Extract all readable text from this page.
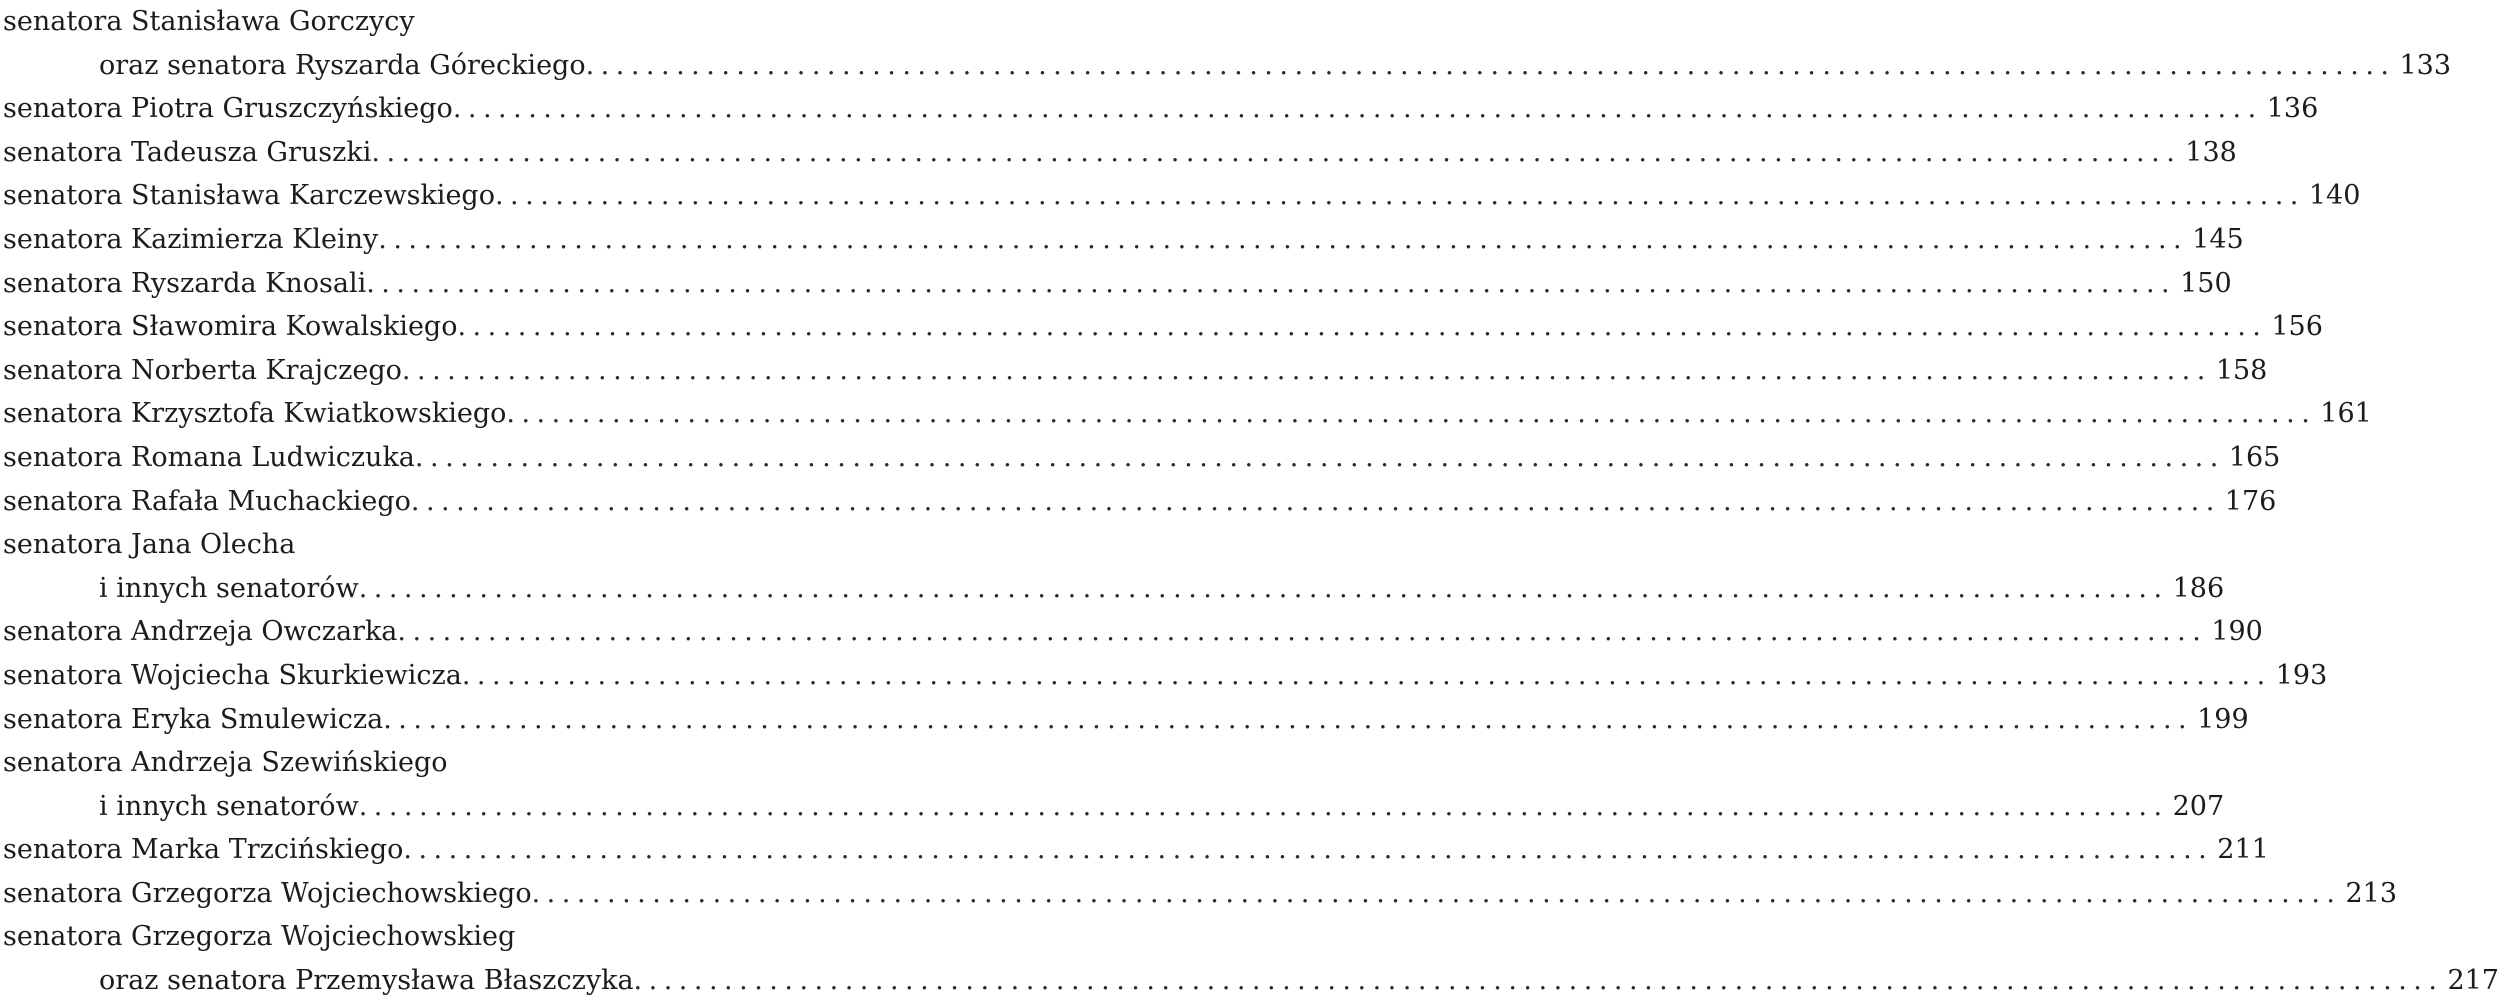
senatora Stanisława Gorczycy
oraz senatora Ryszarda Góreckiego ........................................................................................................................ 133
senatora Piotra Gruszczyńskiego ........................................................................................................................ 136
senatora Tadeusza Gruszki ........................................................................................................................ 138
senatora Stanisława Karczewskiego ........................................................................................................................ 140
senatora Kazimierza Kleiny ........................................................................................................................ 145
senatora Ryszarda Knosali ........................................................................................................................ 150
senatora Sławomira Kowalskiego ........................................................................................................................ 156
senatora Norberta Krajczego ........................................................................................................................ 158
senatora Krzysztofa Kwiatkowskiego ........................................................................................................................ 161
senatora Romana Ludwiczuka ........................................................................................................................ 165
senatora Rafała Muchackiego ........................................................................................................................ 176
senatora Jana Olecha
i innych senatorów ........................................................................................................................ 186
senatora Andrzeja Owczarka ........................................................................................................................ 190
senatora Wojciecha Skurkiewicza ........................................................................................................................ 193
senatora Eryka Smulewicza ........................................................................................................................ 199
senatora Andrzeja Szewińskiego
i innych senatorów ........................................................................................................................ 207
senatora Marka Trzcińskiego ........................................................................................................................ 211
senatora Grzegorza Wojciechowskiego ........................................................................................................................ 213
senatora Grzegorza Wojciechowskieg
oraz senatora Przemysława Błaszczyka ........................................................................................................................ 217
